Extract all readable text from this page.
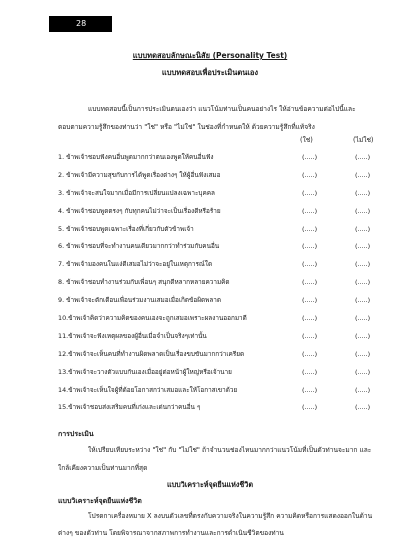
28
แบบทดสอบลักษณะนิสัย (Personality Test)
แบบทดสอบเพื่อประเมินตนเอง

แบบทดสอบนี้เป็นการประเมินตนเองว่า แนวโน้มท่านเป็นคนอย่างไร ให้อ่านข้อความต่อไปนี้และตอบตามความรู้สึกของท่านว่า "ใช่" หรือ "ไม่ใช่" ในช่องที่กำหนดให้ ด้วยความรู้สึกที่แท้จริง

(ใช่)	(ไม่ใช่)
1. ข้าพเจ้าชอบฟังคนอื่นพูดมากกว่าตนเองพูดให้คนอื่นฟัง	(.....)	(.....)
2. ข้าพเจ้ามีความสุขกับการได้พูดเรื่องต่างๆ ให้ผู้อื่นฟังเสมอ	(.....)	(.....)
3. ข้าพเจ้าจะสนใจมากเมื่อมีการเปลี่ยนแปลงเฉพาะบุคคล	(.....)	(.....)
4. ข้าพเจ้าชอบพูดตรงๆ กับทุกคนไม่ว่าจะเป็นเรื่องดีหรือร้าย	(.....)	(.....)
5. ข้าพเจ้าชอบพูดเฉพาะเรื่องที่เกี่ยวกับตัวข้าพเจ้า	(.....)	(.....)
6. ข้าพเจ้าชอบที่จะทำงานคนเดียวมากกว่าทำร่วมกับคนอื่น	(.....)	(.....)
7. ข้าพเจ้ามองคนในแง่ดีเสมอไม่ว่าจะอยู่ในเหตุการณ์ใด	(.....)	(.....)
8. ข้าพเจ้าชอบทำงานร่วมกับเพื่อนๆ สนุกดีหลากหลายความคิด	(.....)	(.....)
9. ข้าพเจ้าจะตักเตือนเพื่อนร่วมงานเสมอเมื่อเกิดข้อผิดพลาด	(.....)	(.....)
10.ข้าพเจ้าคิดว่าความคิดของคนเองจะถูกเสมอเพราะผลงานออกมาดี	(.....)	(.....)
11.ข้าพเจ้าจะฟังเหตุผลของผู้อื่นเมื่อจำเป็นจริงๆเท่านั้น	(.....)	(.....)
12.ข้าพเจ้าจะเห็นคนที่ทำงานผิดพลาดเป็นเรื่องขบขันมากกว่าเครียด	(.....)	(.....)
13.ข้าพเจ้าจะวางตัวแบบกันเองเมื่ออยู่ต่อหน้าผู้ใหญ่หรือเจ้านาย	(.....)	(.....)
14.ข้าพเจ้าจะเห็นใจผู้ที่ด้อยโอกาสกว่าเสมอและให้โอกาสเขาด้วย	(.....)	(.....)
15.ข้าพเจ้าชอบส่งเสริมคนที่เก่งและเด่นกว่าคนอื่น ๆ	(.....)	(.....)
การประเมิน

ให้เปรียบเทียบระหว่าง "ใช่" กับ "ไม่ใช่" ถ้าจำนวนช่องไหนมากกว่าแนวโน้มที่เป็นตัวท่านจะมาก และใกล้เคียงความเป็นท่านมากที่สุด

แบบวิเคราะห์จุดยืนแห่งชีวิต
แบบวิเคราะห์จุดยืนแห่งชีวิต

โปรดกาเครื่องหมาย X ลงบนตัวเลขที่ตรงกับความจริงในความรู้สึก ความคิดหรือการแสดงออกในด้านต่างๆ ของตัวท่าน โดยพิจารณาจากสภาพการทำงานและการดำเนินชีวิตของท่าน
